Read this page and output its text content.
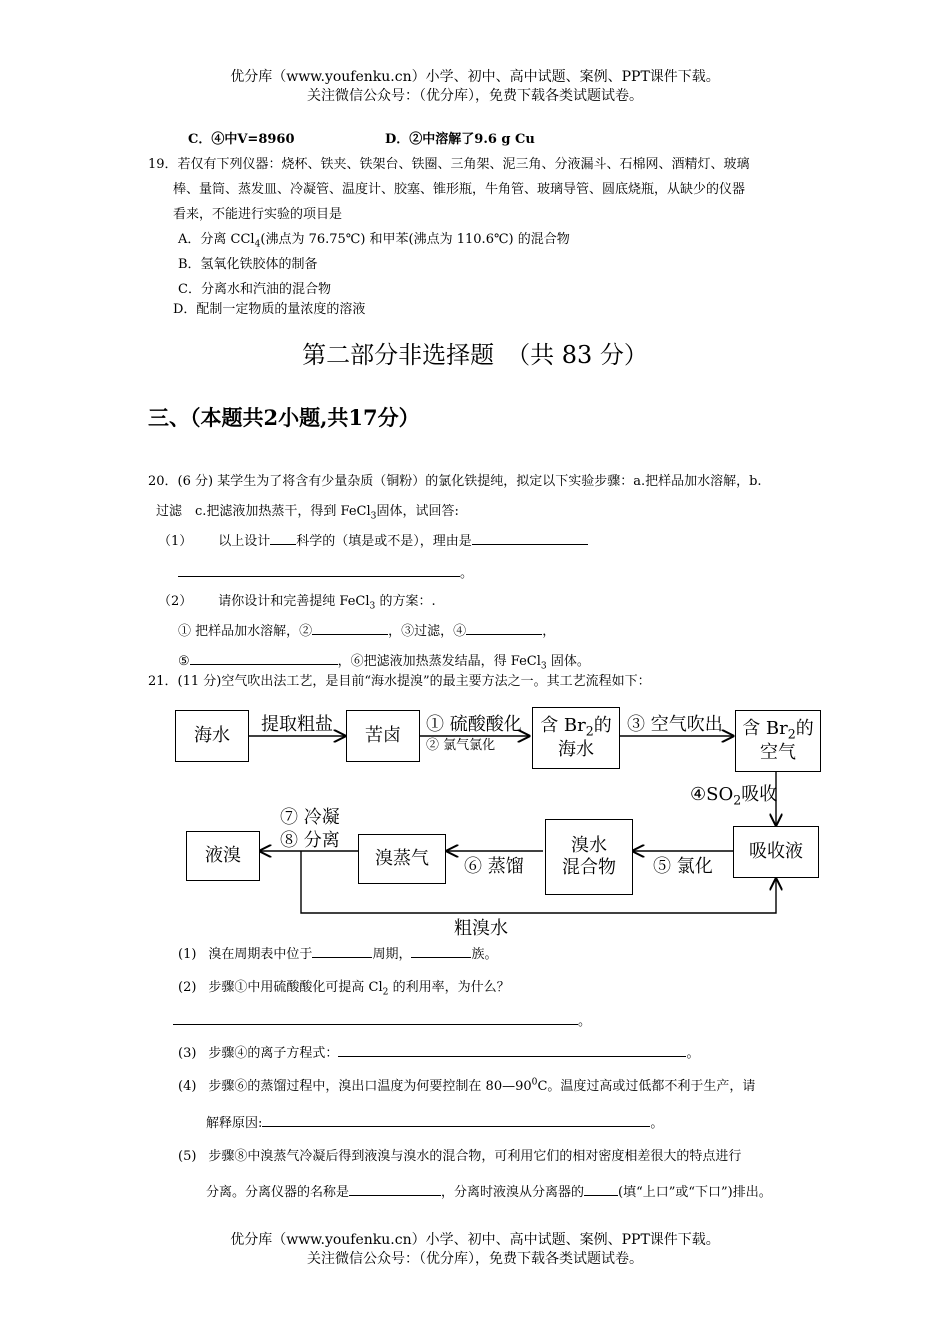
优分库（www.youfenku.cn）小学、初中、高中试题、案例、PPT课件下载。
关注微信公众号：（优分库），免费下载各类试题试卷。
C．④中V=8960	D．②中溶解了9.6 g Cu
19．若仅有下列仪器：烧杯、铁夹、铁架台、铁圈、三角架、泥三角、分液漏斗、石棉网、酒精灯、玻璃
棒、量筒、蒸发皿、冷凝管、温度计、胶塞、锥形瓶，牛角管、玻璃导管、圆底烧瓶，从缺少的仪器
看来，不能进行实验的项目是
A．分离 CCl$_4$(沸点为 76.75℃) 和甲苯(沸点为 110.6℃) 的混合物
B．氢氧化铁胶体的制备
C．分离水和汽油的混合物
D．配制一定物质的量浓度的溶液
第二部分非选择题　（共 83 分）
三、（本题共2小题,共17分）
20．(6 分) 某学生为了将含有少量杂质（铜粉）的氯化铁提纯，拟定以下实验步骤：a.把样品加水溶解，b.
过滤　c.把滤液加热蒸干，得到 FeCl$_3$固体，试回答:
（1） 以上设计 科学的（填是或不是），理由是
。
（2） 请你设计和完善提纯 FeCl$_3$ 的方案：.
① 把样品加水溶解，②	，③过滤，④	，
⑤	，⑥把滤液加热蒸发结晶，得 FeCl$_3$ 固体。
21．(11 分)空气吹出法工艺，是目前“海水提溴”的最主要方法之一。其工艺流程如下：
海水	苦卤	含 $Br_2$的
海水
含 $Br_2$的
空气
吸收液
溴水
混合物
溴蒸气
液溴
提取粗盐	① 硫酸酸化
② 氯气氯化
③ 空气吹出
$④SO_2$吸收
⑤ 氯化
⑥ 蒸馏
⑦ 冷凝
⑧ 分离
粗溴水
(1) 溴在周期表中位于	周期，	族。
(2) 步骤①中用硫酸酸化可提高 $Cl_2$ 的利用率，为什么？
。
(3) 步骤④的离子方程式：	。
(4) 步骤⑥的蒸馏过程中，溴出口温度为何要控制在 $80—90^0C$。温度过高或过低都不利于生产，请
解释原因:	。
(5) 步骤⑧中溴蒸气冷凝后得到液溴与溴水的混合物，可利用它们的相对密度相差很大的特点进行
分离。分离仪器的名称是	，分离时液溴从分离器的	(填“上口”或“下口”)排出。
优分库（www.youfenku.cn）小学、初中、高中试题、案例、PPT课件下载。
关注微信公众号：（优分库），免费下载各类试题试卷。
